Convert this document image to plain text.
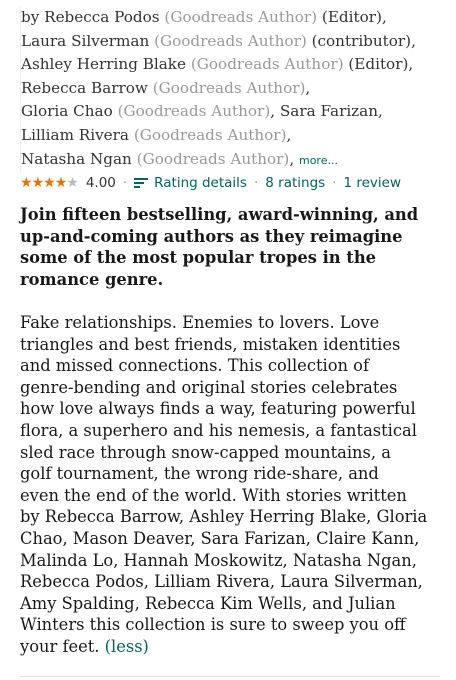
by Rebecca Podos (Goodreads Author) (Editor),
Laura Silverman (Goodreads Author) (contributor),
Ashley Herring Blake (Goodreads Author) (Editor),
Rebecca Barrow (Goodreads Author),
Gloria Chao (Goodreads Author), Sara Farizan,
Lilliam Rivera (Goodreads Author),
Natasha Ngan (Goodreads Author), more...
★★★★★ 4.00 · Rating details · 8 ratings · 1 review
Join fifteen bestselling, award-winning, and
up-and-coming authors as they reimagine
some of the most popular tropes in the
romance genre.
Fake relationships. Enemies to lovers. Love
triangles and best friends, mistaken identities
and missed connections. This collection of
genre-bending and original stories celebrates
how love always finds a way, featuring powerful
flora, a superhero and his nemesis, a fantastical
sled race through snow-capped mountains, a
golf tournament, the wrong ride-share, and
even the end of the world. With stories written
by Rebecca Barrow, Ashley Herring Blake, Gloria
Chao, Mason Deaver, Sara Farizan, Claire Kann,
Malinda Lo, Hannah Moskowitz, Natasha Ngan,
Rebecca Podos, Lilliam Rivera, Laura Silverman,
Amy Spalding, Rebecca Kim Wells, and Julian
Winters this collection is sure to sweep you off
your feet. (less)
